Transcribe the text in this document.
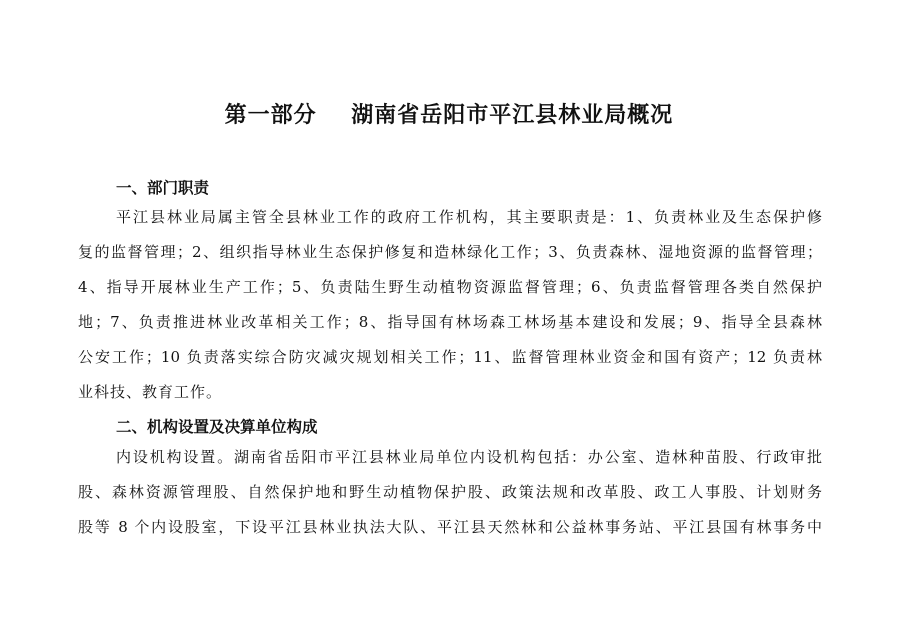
第一部分    湖南省岳阳市平江县林业局概况
一、部门职责

平江县林业局属主管全县林业工作的政府工作机构，其主要职责是：1、负责林业及生态保护修

复的监督管理；2、组织指导林业生态保护修复和造林绿化工作；3、负责森林、湿地资源的监督管理；

4、指导开展林业生产工作；5、负责陆生野生动植物资源监督管理；6、负责监督管理各类自然保护

地；7、负责推进林业改革相关工作；8、指导国有林场森工林场基本建设和发展；9、指导全县森林

公安工作；10 负责落实综合防灾减灾规划相关工作；11、监督管理林业资金和国有资产；12 负责林

业科技、教育工作。

二、机构设置及决算单位构成

内设机构设置。湖南省岳阳市平江县林业局单位内设机构包括：办公室、造林种苗股、行政审批

股、森林资源管理股、自然保护地和野生动植物保护股、政策法规和改革股、政工人事股、计划财务

股等 8 个内设股室，下设平江县林业执法大队、平江县天然林和公益林事务站、平江县国有林事务中
